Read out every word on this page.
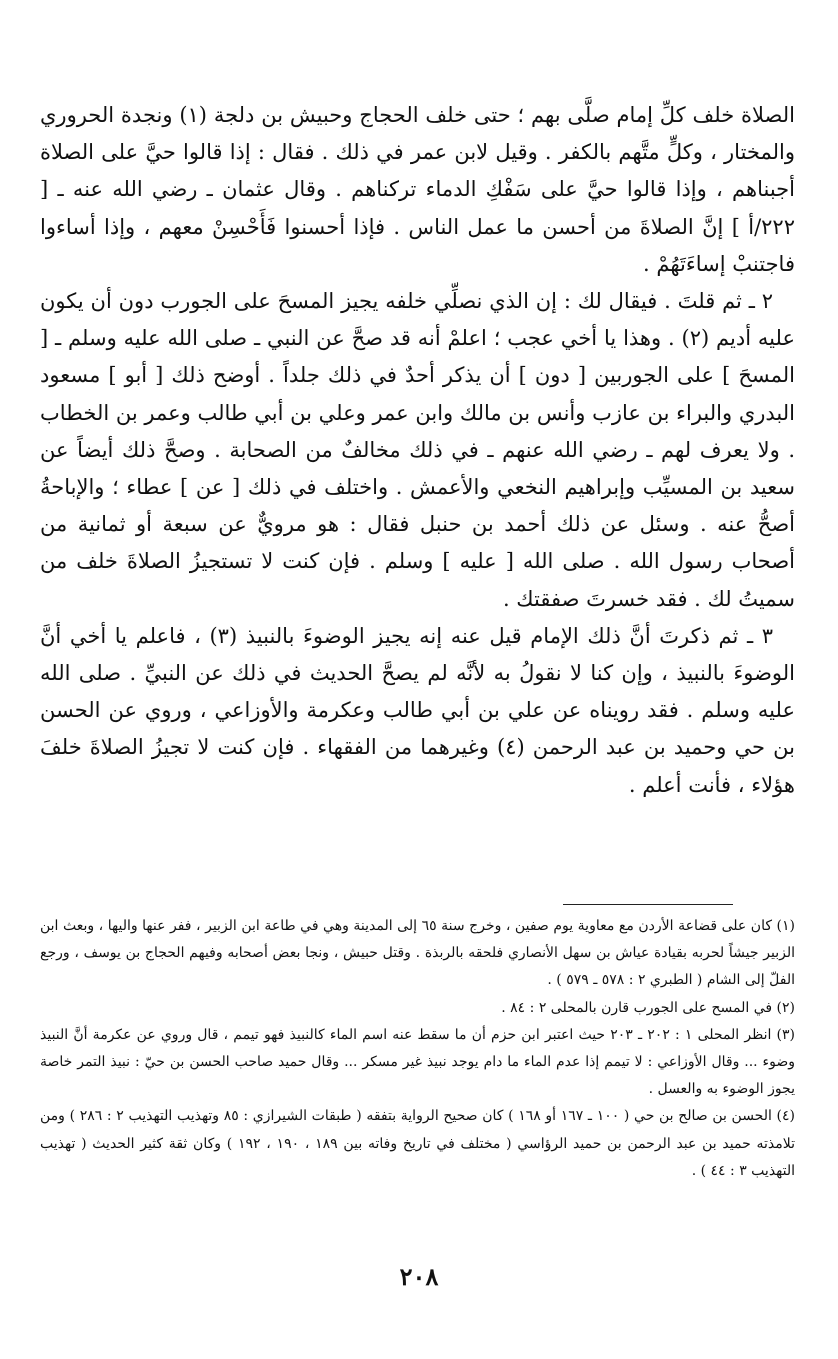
الصلاة خلف كلِّ إمام صلَّى بهم ؛ حتى خلف الحجاج وحبيش بن دلجة (١) ونجدة الحروري والمختار ، وكلٍّ متَّهم بالكفر . وقيل لابن عمر في ذلك . فقال : إذا قالوا حيَّ على الصلاة أجبناهم ، وإذا قالوا حيَّ على سَفْكِ الدماء تركناهم . وقال عثمان ـ رضي الله عنه ـ [ ٢٢٢/أ ] إنَّ الصلاةَ من أحسن ما عمل الناس . فإذا أحسنوا فَأَحْسِنْ معهم ، وإذا أساءوا فاجتنبْ إساءَتَهُمْ .

٢ ـ ثم قلتَ . فيقال لك : إن الذي نصلِّي خلفه يجيز المسحَ على الجورب دون أن يكون عليه أديم (٢) . وهذا يا أخي عجب ؛ اعلمْ أنه قد صحَّ عن النبي ـ صلى الله عليه وسلم ـ [ المسحَ ] على الجوربين [ دون ] أن يذكر أحدٌ في ذلك جلداً . أوضح ذلك [ أبو ] مسعود البدري والبراء بن عازب وأنس بن مالك وابن عمر وعلي بن أبي طالب وعمر بن الخطاب . ولا يعرف لهم ـ رضي الله عنهم ـ في ذلك مخالفٌ من الصحابة . وصحَّ ذلك أيضاً عن سعيد بن المسيِّب وإبراهيم النخعي والأعمش . واختلف في ذلك [ عن ] عطاء ؛ والإباحةُ أصحُّ عنه . وسئل عن ذلك أحمد بن حنبل فقال : هو مرويٌّ عن سبعة أو ثمانية من أصحاب رسول الله . صلى الله [ عليه ] وسلم . فإن كنت لا تستجيزُ الصلاةَ خلف من سميتُ لك . فقد خسرتَ صفقتك .

٣ ـ ثم ذكرتَ أنَّ ذلك الإمام قيل عنه إنه يجيز الوضوءَ بالنبيذ (٣) ، فاعلم يا أخي أنَّ الوضوءَ بالنبيذ ، وإن كنا لا نقولُ به لأنَّه لم يصحَّ الحديث في ذلك عن النبيِّ . صلى الله عليه وسلم . فقد رويناه عن علي بن أبي طالب وعكرمة والأوزاعي ، وروي عن الحسن بن حي وحميد بن عبد الرحمن (٤) وغيرهما من الفقهاء . فإن كنت لا تجيزُ الصلاةَ خلفَ هؤلاء ، فأنت أعلم .

(١) كان على قضاعة الأردن مع معاوية يوم صفين ، وخرج سنة ٦٥ إلى المدينة وهي في طاعة ابن الزبير ، ففر عنها واليها ، وبعث ابن الزبير جيشاً لحربه بقيادة عياش بن سهل الأنصاري فلحقه بالربذة . وقتل حبيش ، ونجا بعض أصحابه وفيهم الحجاج بن يوسف ، ورجع الفلّ إلى الشام ( الطبري ٢ : ٥٧٨ ـ ٥٧٩ ) .

(٢) في المسح على الجورب قارن بالمحلى ٢ : ٨٤ .

(٣) انظر المحلى ١ : ٢٠٢ ـ ٢٠٣ حيث اعتبر ابن حزم أن ما سقط عنه اسم الماء كالنبيذ فهو تيمم ، قال وروي عن عكرمة أنَّ النبيذ وضوء ... وقال الأوزاعي : لا تيمم إذا عدم الماء ما دام يوجد نبيذ غير مسكر ... وقال حميد صاحب الحسن بن حيّ : نبيذ التمر خاصة يجوز الوضوء به والعسل .

(٤) الحسن بن صالح بن حي ( ١٠٠ ـ ١٦٧ أو ١٦٨ ) كان صحيح الرواية بتفقه ( طبقات الشيرازي : ٨٥ وتهذيب التهذيب ٢ : ٢٨٦ ) ومن تلامذته حميد بن عبد الرحمن بن حميد الرؤاسي ( مختلف في تاريخ وفاته بين ١٨٩ ، ١٩٠ ، ١٩٢ ) وكان ثقة كثير الحديث ( تهذيب التهذيب ٣ : ٤٤ ) .

٢٠٨
